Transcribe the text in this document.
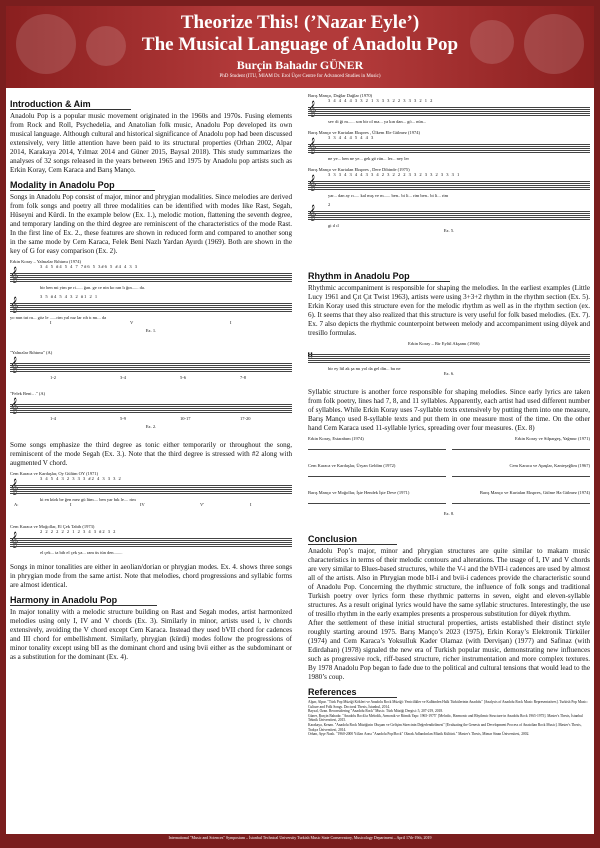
Theorize This! (’Nazar Eyle’)
The Musical Language of Anadolu Pop
Burçin Bahadır GÜNER
PhD Student (ITU, MIAM Dr. Erol Üçer Centre for Advanced Studies in Music)
Introduction & Aim

Anadolu Pop is a popular music movement originated in the 1960s and 1970s. Fusing elements from Rock and Roll, Psychedelia, and Anatolian folk music, Anadolu Pop developed its own musical language. Although cultural and historical significance of Anadolu pop had been discussed extensively, very little attention have been paid to its structural properties (Orhan 2002, Alpar 2014, Karakaya 2014, Yılmaz 2014 and Güner 2015, Baysal 2018). This study summarizes the analyses of 32 songs released in the years between 1965 and 1975 by Anadolu pop artists such as Erkin Koray, Cem Karaca and Barış Manço.

Modality in Anadolu Pop

Songs in Anadolu Pop consist of major, minor and phrygian modalities. Since melodies are derived from folk songs and poetry all three modalities can be identified with modes like Rast, Segah, Hüseyni and Kürdi. In the example below (Ex. 1.), melodic motion, flattening the seventh degree, and temporary landing on the third degree are reminiscent of the characteristics of the mode Rast. In the first line of Ex. 2., these features are shown in reduced form and compared to another song in the same mode by Cem Karaca, Felek Beni Nazlı Yardan Ayırdı (1969). Both are shown in the key of G for easy comparison (Ex. 2).

Erkin Koray – Yalnızlar Rıhtımı (1974)
3 4 5 #4 5 4 7 7#6 5 3#6 5 #4 4 3 3
𝄞
bir ben mi yim pe ri...... ğan. ge ce nin ko ran lı ğın...... da.
3 5 #4 5 4 3 2 #1 2 1
𝄞
yo nun tut ru... göz le ......rim yal nız lar rıh tı mı... da
I	V	I
Ex. 1.
"Yalnızlar Rıhtımı" (A)
𝄞
1-2	3-4	5-6	7-8
"Felek Beni…" (A)
𝄞
1-4	5-9	10-17	17-20
Ex. 2.

Some songs emphasize the third degree as tonic either temporarily or throughout the song, reminiscent of the mode Segah (Ex. 3.). Note that the third degree is stressed with #2 along with augmented V chord.

Cem Karaca ve Kardaşlar, Oy Gülüm OY (1971)
3 4 5 4 3 2 3 3 3 #2 4 3 3 3 2
𝄞
ki en kürk be ğen mez gü lüm.... ben yar bık le.... rim
A:	I	IV	V'	I
Cem Karaca ve Moğollar, El Çek Tabib (1973)
2 2 2 2 2 2 1 2 3 4 3 #2 3 2
𝄞
el çek... ta bib el çek ya... ram üs tün den........

Songs in minor tonalities are either in aeolian/dorian or phrygian modes. Ex. 4. shows three songs in phrygian mode from the same artist. Note that melodies, chord progressions and syllabic forms are almost identical.

Harmony in Anadolu Pop

In major tonality with a melodic structure building on Rast and Segah modes, artist harmonized melodies using only I, IV and V chords (Ex. 3). Similarly in minor, artists used i, iv chords extensively, avoiding the V chord except Cem Karaca. Instead they used bVII chord for cadences and III chord for embellishment. Similarly, phrygian (kürdi) modes follow the progressions of minor tonality except using bII as the dominant chord and using bvii either as the subdominant or as a substitution for the dominant (Ex. 4).

Barış Manço, Dağlar Dağlar (1970)
3 4 4 4 4 3 3 2 1 3 3 3 2 2 3 3 3 2 1 2
𝄞
sev di ği m...... son bir ol ma... ya kın dan... gö... nün...
Barış Manço ve Kurtalan Ekspres , Ülkem Ele Gülmez (1974)
3 3 4 4 4 5 4 4 3
𝄞
ne ye... ben ne ye... gek gö rün... ler... ney ler
Barış Manço ve Kurtalan Ekspres , Dere Dibinde (1975)
3 3 3 4 3 4 4 3 3 4 2 3 2 2 2 3 3 2 3 3 2 3 3 3 1
𝄞
yar... dan ay rı..... kal mış ve m...... ben.. bi li... rim ben.. bi li... rim
2
𝄞
gi ıl ıl
Ex. 5.
Rhythm in Anadolu Pop

Rhythmic accompaniment is responsible for shaping the melodies. In the earliest examples (Little Lucy 1961 and Çıt Çıt Twist 1963), artists were using 3+3+2 rhythm in the rhythm section (Ex. 5). Erkin Koray used this structure even for the melodic rhythm as well as in the rhythm section (ex. 6). It seems that they also realized that this structure is very useful for folk based melodies. (Ex. 7). Ex. 7 also depicts the rhythmic counterpoint between melody and accompaniment using düyek and tresillo formulas.

Erkin Koray – Bir Eylül Akşamı (1966)
𝄥
bir ey lül ak şa mı yol da gel din... bu ne
Ex. 6.

Syllabic structure is another force responsible for shaping melodies. Since early lyrics are taken from folk poetry, lines had 7, 8, and 11 syllables. Apparently, each artist had used different number of syllables. While Erkin Koray uses 7-syllable texts extensively by putting them into one measure, Barış Manço used 8-syllable texts and put them in one measure most of the time. On the other hand Cem Karaca used 11-syllable lyrics, spreading over four measures. (Ex. 8)

Erkin Koray, Estarabım (1974)	Erkin Koray ve Silpargeş, Yağmur (1971)
Cem Karaca ve Kardaşlar, Üryan Geldim (1972)	Cem Karaca ve Apaşlar, Kanteşeğlim (1967)
Barış Manço ve Moğollar, İşte Hendek İşte Deve (1971)	Barış Manço ve Kurtalan Ekspres, Gülme Ha Gülmez (1974)
Ex. 8.
Conclusion

Anadolu Pop’s major, minor and phrygian structures are quite similar to makam music characteristics in terms of their melodic contours and alterations. The usage of I, IV and V chords are very similar to Blues-based structures, while the V-i and the bVII-i cadences are used by almost all of the artists. Also in Phrygian mode bII-i and bvii-i cadences provide the characteristic sound of Anadolu Pop. Concerning the rhythmic structure, the influence of folk songs and traditional Turkish poetry over lyrics form these rhythmic patterns in seven, eight and eleven-syllable structures. As a result original lyrics would have the same syllabic structures. Interestingly, the use of tresillo rhythm in the early examples presents a prosperous substitution for düyek rhythm.

After the settlement of these initial structural properties, artists established their distinct style roughly starting around 1975. Barış Manço’s 2023 (1975), Erkin Koray’s Elektronik Türküler (1974) and Cem Karaca’s Yoksulluk Kader Olamaz (with Dervişan) (1977) and Safinaz (with Edirdahan) (1978) signaled the new era of Turkish popular music, demonstrating new influences such as progressive rock, riff-based structure, richer instrumentation and more complex textures. By 1978 Anadolu Pop began to fade due to the political and cultural tensions that would lead to the 1980’s coup.

References
Alpar, Alpar. "Türk Pop Müziği Kökleri ve Anadolu Rock Müziği: Yenicilikler ve Kalbinden Halk Türkülerinin Anadolu" [Analysis of Anadolu Rock Music Representatives]. Turkish Pop Music: Culture and Folk Songs. Doctoral Thesis, İstanbul, 2014.
Baysal, Ozan. Reconsidering "Anadolu Rock" Music. Türk Müziği Dergisi: 5, 207-219, 2018.
Güner, Burçin Bahadır. "Anadolu Rock'ta Melodik, Armonik ve Ritmik Yapı: 1965-1975" [Melodic, Harmonic and Rhythmic Structure in Anadolu Rock 1965-1975]. Master's Thesis, İstanbul Teknik Üniversitesi, 2015.
Karakaya, Kenan. "Anadolu Rock Müziğinin Oluşum ve Gelişim Sürecinin Değerlendirilmesi" [Evaluating the Genesis and Development Process of Anatolian Rock Music]. Master's Thesis, Trakya Üniversitesi, 2014.
Orhan, Ayşe Nazlı. "1960-2000 Yılları Arası "Anadolu Pop/Rock" Olarak Adlandırılan Müzik Kültürü." Master's Thesis, Mimar Sinan Üniversitesi, 2002.
International "Music and Sciences" Symposium – İstanbul Technical University Turkish Music State Conservatory, Musicology Department – April 17th-19th, 2019
